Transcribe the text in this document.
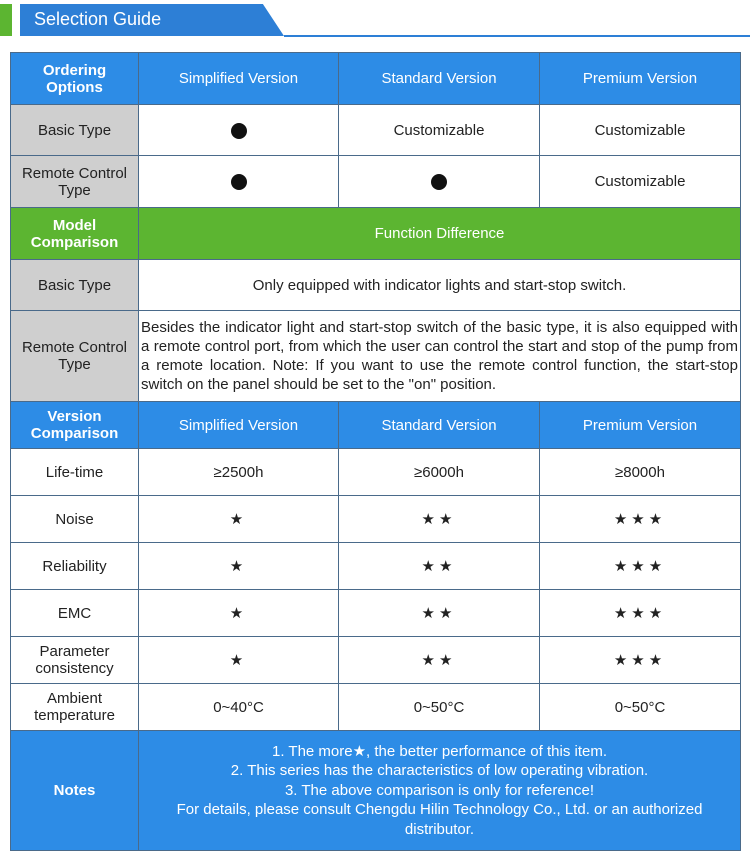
Selection Guide
Ordering Options	Simplified Version	Standard Version	Premium Version
Basic Type		Customizable	Customizable
Remote Control Type			Customizable
Model Comparison	Function Difference		
Basic Type	Only equipped with indicator lights and start-stop switch.		
Remote Control Type	Besides the indicator light and start-stop switch of the basic type, it is also equipped with a remote control port, from which the user can control the start and stop of the pump from a remote location. Note: If you want to use the remote control function, the start-stop switch on the panel should be set to the "on" position.		
Version Comparison	Simplified Version	Standard Version	Premium Version
Life-time	≥2500h	≥6000h	≥8000h
Noise	★	★★	★★★
Reliability	★	★★	★★★
EMC	★	★★	★★★
Parameter consistency	★	★★	★★★
Ambient temperature	0~40°C	0~50°C	0~50°C
Notes	1. The more★, the better performance of this item.
2. This series has the characteristics of low operating vibration.
3. The above comparison is only for reference!
For details, please consult Chengdu Hilin Technology Co., Ltd. or an authorized distributor.		
